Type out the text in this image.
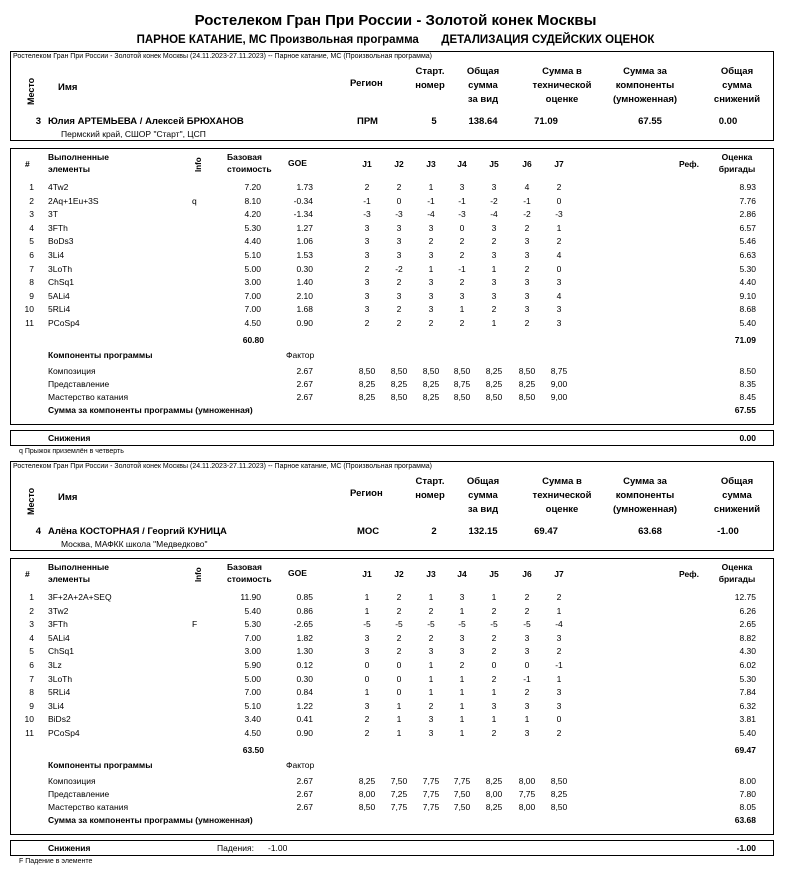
Ростелеком Гран При России - Золотой конек Москвы
ПАРНОЕ КАТАНИЕ, МС Произвольная программа ДЕТАЛИЗАЦИЯ СУДЕЙСКИХ ОЦЕНОК
Ростелеком Гран При России - Золотой конек Москвы (24.11.2023-27.11.2023) -- Парное катание, МС (Произвольная программа)
Место Имя	Регион
Старт.
номер
Общая
сумма
за вид
Сумма в
технической
оценке
Сумма за
компоненты
(умноженная)
Общая
сумма
снижений
3 Юлия АРТЕМЬЕВА / Алексей БРЮХАНОВ
Пермский край, СШОР "Старт", ЦСП
ПРМ	5	138.64	71.09	67.55	0.00
#
Выполненные
элементы	Info
Базовая
стоимость
GOE	J1	J2	J3	J4	J5	J6	J7	Реф.
Оценка
бригады
1 4Tw2	7.20	1.73	2	2	1	3	3	4	2	8.93
2 2Aq+1Eu+3S	q	8.10	-0.34	-1	0	-1	-1	-2	-1	0	7.76
3 3T	4.20	-1.34	-3	-3	-4	-3	-4	-2	-3	2.86
4 3FTh	5.30	1.27	3	3	3	0	3	2	1	6.57
5 BoDs3	4.40	1.06	3	3	2	2	2	3	2	5.46
6 3Li4	5.10	1.53	3	3	3	2	3	3	4	6.63
7 3LoTh	5.00	0.30	2	-2	1	-1	1	2	0	5.30
8 ChSq1	3.00	1.40	3	2	3	2	3	3	3	4.40
9 5ALi4	7.00	2.10	3	3	3	3	3	3	4	9.10
10 5RLi4	7.00	1.68	3	2	3	1	2	3	3	8.68
11 PCoSp4	4.50	0.90	2	2	2	2	1	2	3	5.40
60.80	71.09
Компоненты программы	Фактор
Композиция	2.67	8,50	8,50	8,50	8,50	8,25	8,50	8,75	8.50
Представление	2.67	8,25	8,25	8,25	8,75	8,25	8,25	9,00	8.35
Мастерство катания	2.67	8,25	8,50	8,25	8,50	8,50	8,50	9,00	8.45
Сумма за компоненты программы (умноженная)	67.55
Снижения	0.00
q Прыжок приземлён в четверть
Ростелеком Гран При России - Золотой конек Москвы (24.11.2023-27.11.2023) -- Парное катание, МС (Произвольная программа)
Место Имя	Регион
Старт.
номер
Общая
сумма
за вид
Сумма в
технической
оценке
Сумма за
компоненты
(умноженная)
Общая
сумма
снижений
4 Алёна КОСТОРНАЯ / Георгий КУНИЦА
Москва, МАФКК школа "Медведково"
МОС	2	132.15	69.47	63.68	-1.00
#
Выполненные
элементы	Info
Базовая
стоимость
GOE	J1	J2	J3	J4	J5	J6	J7	Реф.
Оценка
бригады
1 3F+2A+2A+SEQ	11.90	0.85	1	2	1	3	1	2	2	12.75
2 3Tw2	5.40	0.86	1	2	2	1	2	2	1	6.26
3 3FTh	F	5.30	-2.65	-5	-5	-5	-5	-5	-5	-4	2.65
4 5ALi4	7.00	1.82	3	2	2	3	2	3	3	8.82
5 ChSq1	3.00	1.30	3	2	3	3	2	3	2	4.30
6 3Lz	5.90	0.12	0	0	1	2	0	0	-1	6.02
7 3LoTh	5.00	0.30	0	0	1	1	2	-1	1	5.30
8 5RLi4	7.00	0.84	1	0	1	1	1	2	3	7.84
9 3Li4	5.10	1.22	3	1	2	1	3	3	3	6.32
10 BiDs2	3.40	0.41	2	1	3	1	1	1	0	3.81
11 PCoSp4	4.50	0.90	2	1	3	1	2	3	2	5.40
63.50	69.47
Компоненты программы	Фактор
Композиция	2.67	8,25	7,50	7,75	7,75	8,25	8,00	8,50	8.00
Представление	2.67	8,00	7,25	7,75	7,50	8,00	7,75	8,25	7.80
Мастерство катания	2.67	8,50	7,75	7,75	7,50	8,25	8,00	8,50	8.05
Сумма за компоненты программы (умноженная)	63.68
Снижения	Падения: -1.00	-1.00
F Падение в элементе
